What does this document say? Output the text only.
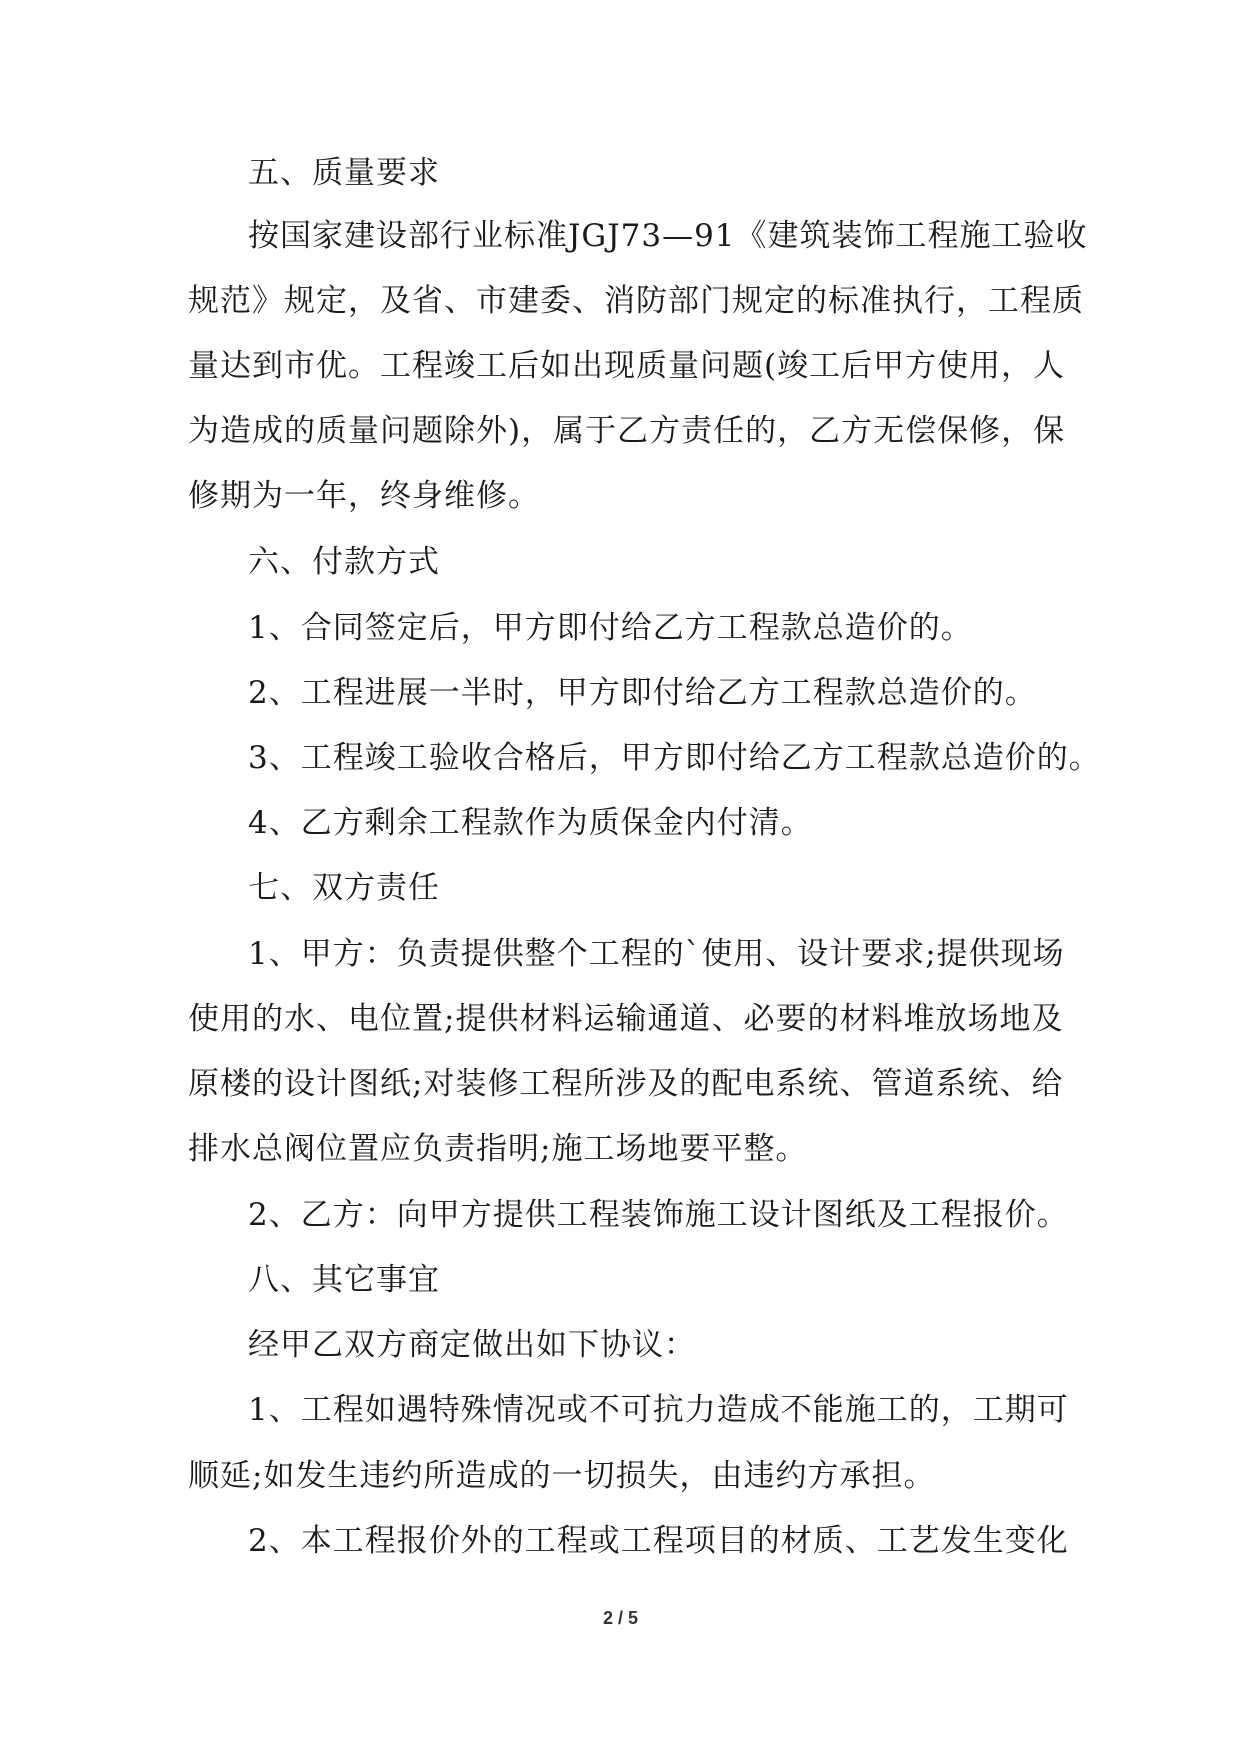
五、质量要求

按国家建设部行业标准JGJ73—91《建筑装饰工程施工验收

规范》规定，及省、市建委、消防部门规定的标准执行，工程质

量达到市优。工程竣工后如出现质量问题(竣工后甲方使用，人

为造成的质量问题除外)，属于乙方责任的，乙方无偿保修，保

修期为一年，终身维修。

六、付款方式

1、合同签定后，甲方即付给乙方工程款总造价的。

2、工程进展一半时，甲方即付给乙方工程款总造价的。

3、工程竣工验收合格后，甲方即付给乙方工程款总造价的。

4、乙方剩余工程款作为质保金内付清。

七、双方责任

1、甲方：负责提供整个工程的`使用、设计要求;提供现场

使用的水、电位置;提供材料运输通道、必要的材料堆放场地及

原楼的设计图纸;对装修工程所涉及的配电系统、管道系统、给

排水总阀位置应负责指明;施工场地要平整。

2、乙方：向甲方提供工程装饰施工设计图纸及工程报价。

八、其它事宜

经甲乙双方商定做出如下协议：

1、工程如遇特殊情况或不可抗力造成不能施工的，工期可

顺延;如发生违约所造成的一切损失，由违约方承担。

2、本工程报价外的工程或工程项目的材质、工艺发生变化

2 / 5
